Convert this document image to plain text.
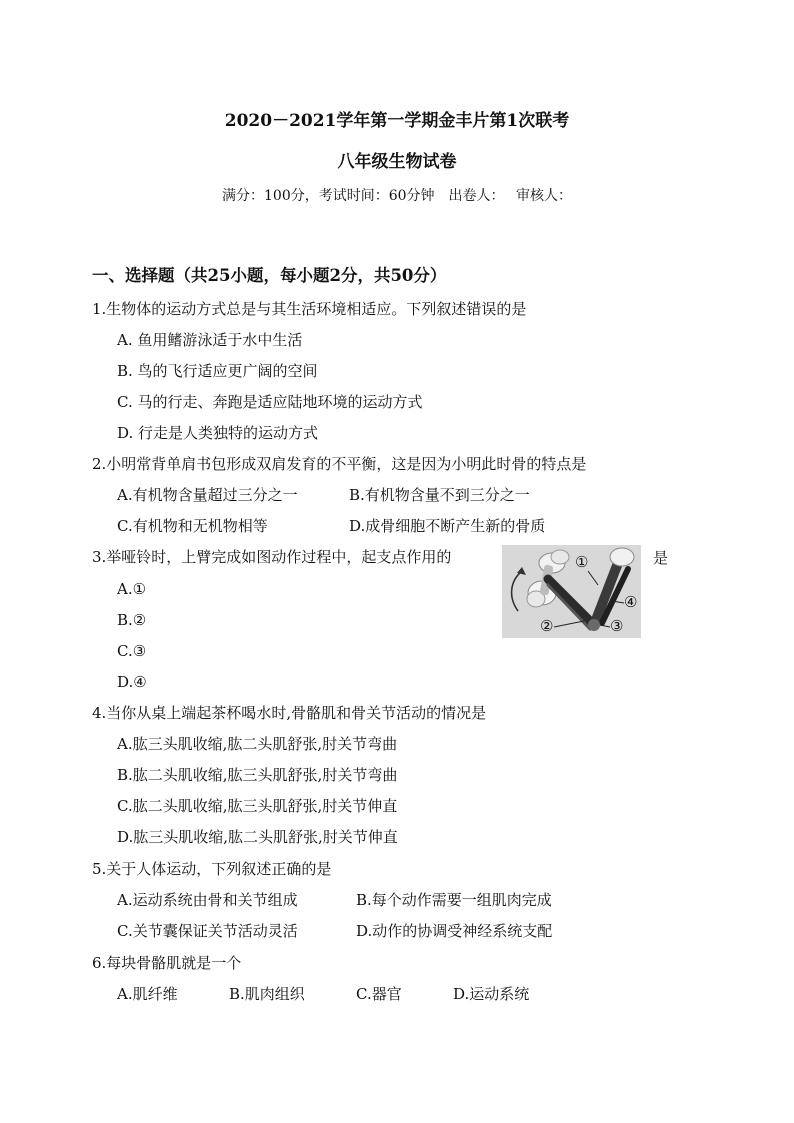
2020－2021学年第一学期金丰片第1次联考
八年级生物试卷
满分：100分，考试时间：60分钟　出卷人：　 审核人：
一、选择题（共25小题，每小题2分，共50分）
1.生物体的运动方式总是与其生活环境相适应。下列叙述错误的是
A. 鱼用鳍游泳适于水中生活
B. 鸟的飞行适应更广阔的空间
C. 马的行走、奔跑是适应陆地环境的运动方式
D. 行走是人类独特的运动方式
2.小明常背单肩书包形成双肩发育的不平衡，这是因为小明此时骨的特点是
A.有机物含量超过三分之一	B.有机物含量不到三分之一
C.有机物和无机物相等	D.成骨细胞不断产生新的骨质
3.举哑铃时，上臂完成如图动作过程中，起支点作用的	是
A.①
B.②
C.③
D.④
①
②	③
④
4.当你从桌上端起茶杯喝水时,骨骼肌和骨关节活动的情况是
A.肱三头肌收缩,肱二头肌舒张,肘关节弯曲
B.肱二头肌收缩,肱三头肌舒张,肘关节弯曲
C.肱二头肌收缩,肱三头肌舒张,肘关节伸直
D.肱三头肌收缩,肱二头肌舒张,肘关节伸直
5.关于人体运动，下列叙述正确的是
A.运动系统由骨和关节组成	B.每个动作需要一组肌肉完成
C.关节囊保证关节活动灵活	D.动作的协调受神经系统支配
6.每块骨骼肌就是一个
A.肌纤维	B.肌肉组织	C.器官	D.运动系统
